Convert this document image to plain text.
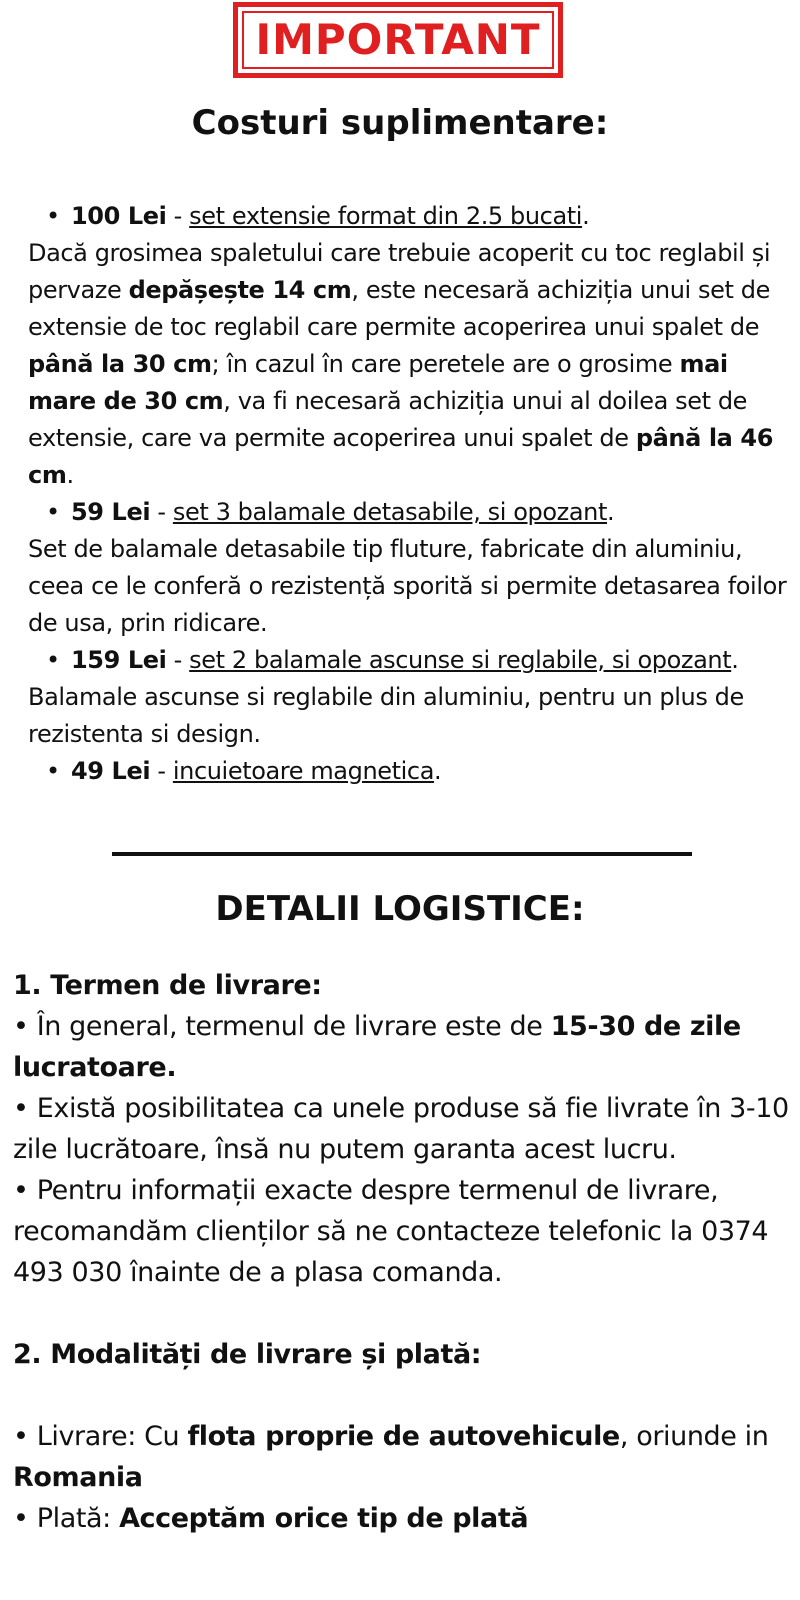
IMPORTANT
Costuri suplimentare:
• 100 Lei - set extensie format din 2.5 bucati.
Dacă grosimea spaletului care trebuie acoperit cu toc reglabil și pervaze depășește 14 cm, este necesară achiziția unui set de extensie de toc reglabil care permite acoperirea unui spalet de până la 30 cm; în cazul în care peretele are o grosime mai mare de 30 cm, va fi necesară achiziția unui al doilea set de extensie, care va permite acoperirea unui spalet de până la 46 cm.
• 59 Lei - set 3 balamale detasabile, si opozant.
Set de balamale detasabile tip fluture, fabricate din aluminiu, ceea ce le conferă o rezistență sporită si permite detasarea foilor de usa, prin ridicare.
• 159 Lei - set 2 balamale ascunse si reglabile, si opozant.
Balamale ascunse si reglabile din aluminiu, pentru un plus de rezistenta si design.
• 49 Lei - incuietoare magnetica.
DETALII LOGISTICE:

1. Termen de livrare:

• În general, termenul de livrare este de 15-30 de zile lucratoare.

• Există posibilitatea ca unele produse să fie livrate în 3-10 zile lucrătoare, însă nu putem garanta acest lucru.

• Pentru informații exacte despre termenul de livrare, recomandăm clienților să ne contacteze telefonic la 0374 493 030 înainte de a plasa comanda.

2. Modalități de livrare și plată:

• Livrare: Cu flota proprie de autovehicule, oriunde in Romania

• Plată: Acceptăm orice tip de plată
